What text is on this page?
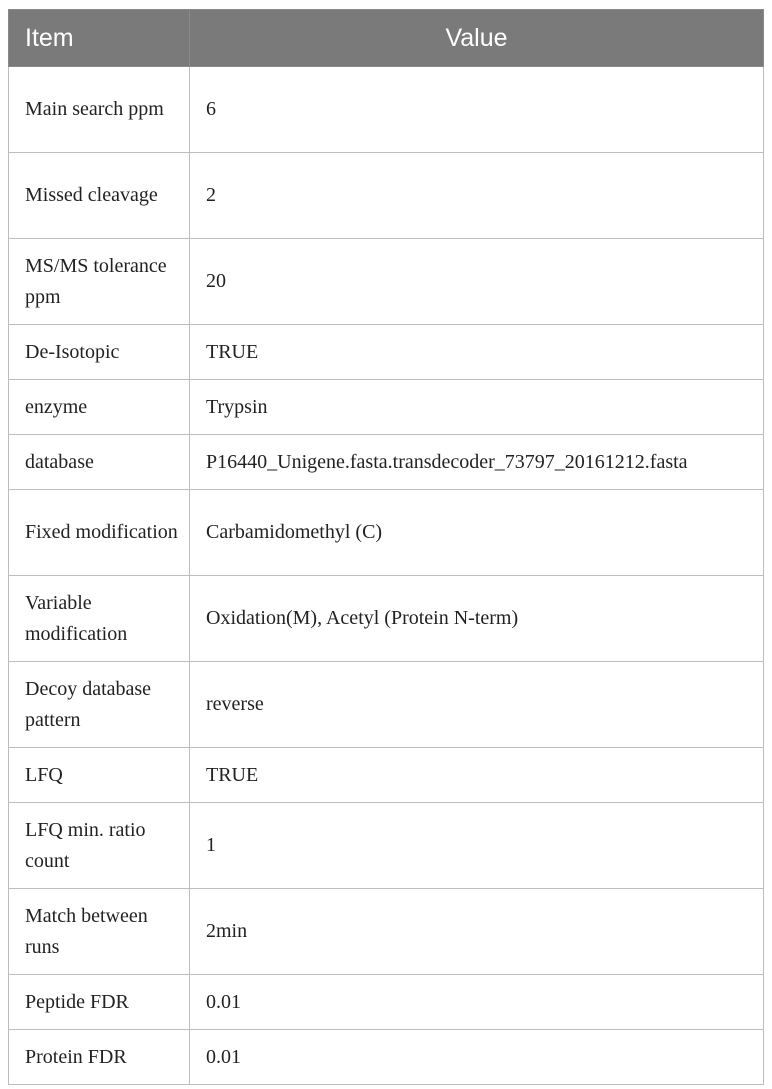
Item	Value
Main search ppm	6
Missed cleavage	2
MS/MS tolerance ppm	20
De-Isotopic	TRUE
enzyme	Trypsin
database	P16440_Unigene.fasta.transdecoder_73797_20161212.fasta
Fixed modification	Carbamidomethyl (C)
Variable modification	Oxidation(M), Acetyl (Protein N-term)
Decoy database pattern	reverse
LFQ	TRUE
LFQ min. ratio count	1
Match between runs	2min
Peptide FDR	0.01
Protein FDR	0.01
